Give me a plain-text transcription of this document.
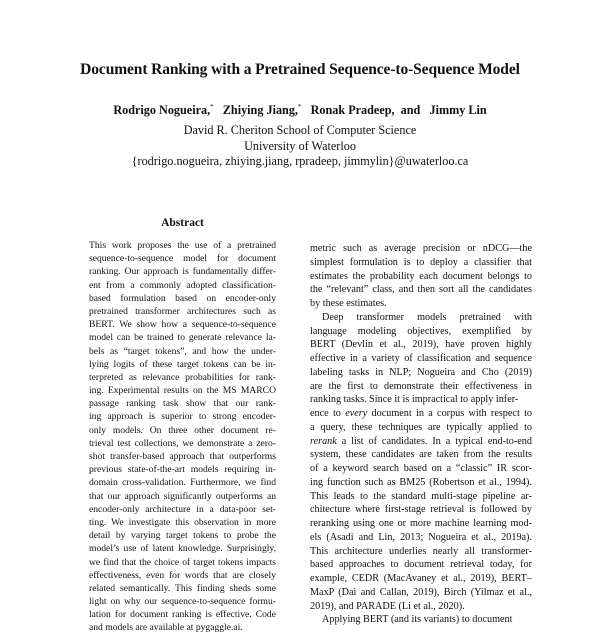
Document Ranking with a Pretrained Sequence-to-Sequence Model
Rodrigo Nogueira,* Zhiying Jiang,* Ronak Pradeep, and Jimmy Lin
David R. Cheriton School of Computer Science
University of Waterloo
{rodrigo.nogueira, zhiying.jiang, rpradeep, jimmylin}@uwaterloo.ca
Abstract
This work proposes the use of a pretrained
sequence-to-sequence model for document
ranking. Our approach is fundamentally differ-
ent from a commonly adopted classification-
based formulation based on encoder-only
pretrained transformer architectures such as
BERT. We show how a sequence-to-sequence
model can be trained to generate relevance la-
bels as “target tokens”, and how the under-
lying logits of these target tokens can be in-
terpreted as relevance probabilities for rank-
ing. Experimental results on the MS MARCO
passage ranking task show that our rank-
ing approach is superior to strong encoder-
only models. On three other document re-
trieval test collections, we demonstrate a zero-
shot transfer-based approach that outperforms
previous state-of-the-art models requiring in-
domain cross-validation. Furthermore, we find
that our approach significantly outperforms an
encoder-only architecture in a data-poor set-
ting. We investigate this observation in more
detail by varying target tokens to probe the
model’s use of latent knowledge. Surprisingly,
we find that the choice of target tokens impacts
effectiveness, even for words that are closely
related semantically. This finding sheds some
light on why our sequence-to-sequence formu-
lation for document ranking is effective. Code
and models are available at pygaggle.ai.
metric such as average precision or nDCG—the
simplest formulation is to deploy a classifier that
estimates the probability each document belongs to
the “relevant” class, and then sort all the candidates
by these estimates.
Deep transformer models pretrained with
language modeling objectives, exemplified by
BERT (Devlin et al., 2019), have proven highly
effective in a variety of classification and sequence
labeling tasks in NLP; Nogueira and Cho (2019)
are the first to demonstrate their effectiveness in
ranking tasks. Since it is impractical to apply infer-
ence to every document in a corpus with respect to
a query, these techniques are typically applied to
rerank a list of candidates. In a typical end-to-end
system, these candidates are taken from the results
of a keyword search based on a “classic” IR scor-
ing function such as BM25 (Robertson et al., 1994).
This leads to the standard multi-stage pipeline ar-
chitecture where first-stage retrieval is followed by
reranking using one or more machine learning mod-
els (Asadi and Lin, 2013; Nogueira et al., 2019a).
This architecture underlies nearly all transformer-
based approaches to document retrieval today, for
example, CEDR (MacAvaney et al., 2019), BERT–
MaxP (Dai and Callan, 2019), Birch (Yilmaz et al.,
2019), and PARADE (Li et al., 2020).
Applying BERT (and its variants) to document
